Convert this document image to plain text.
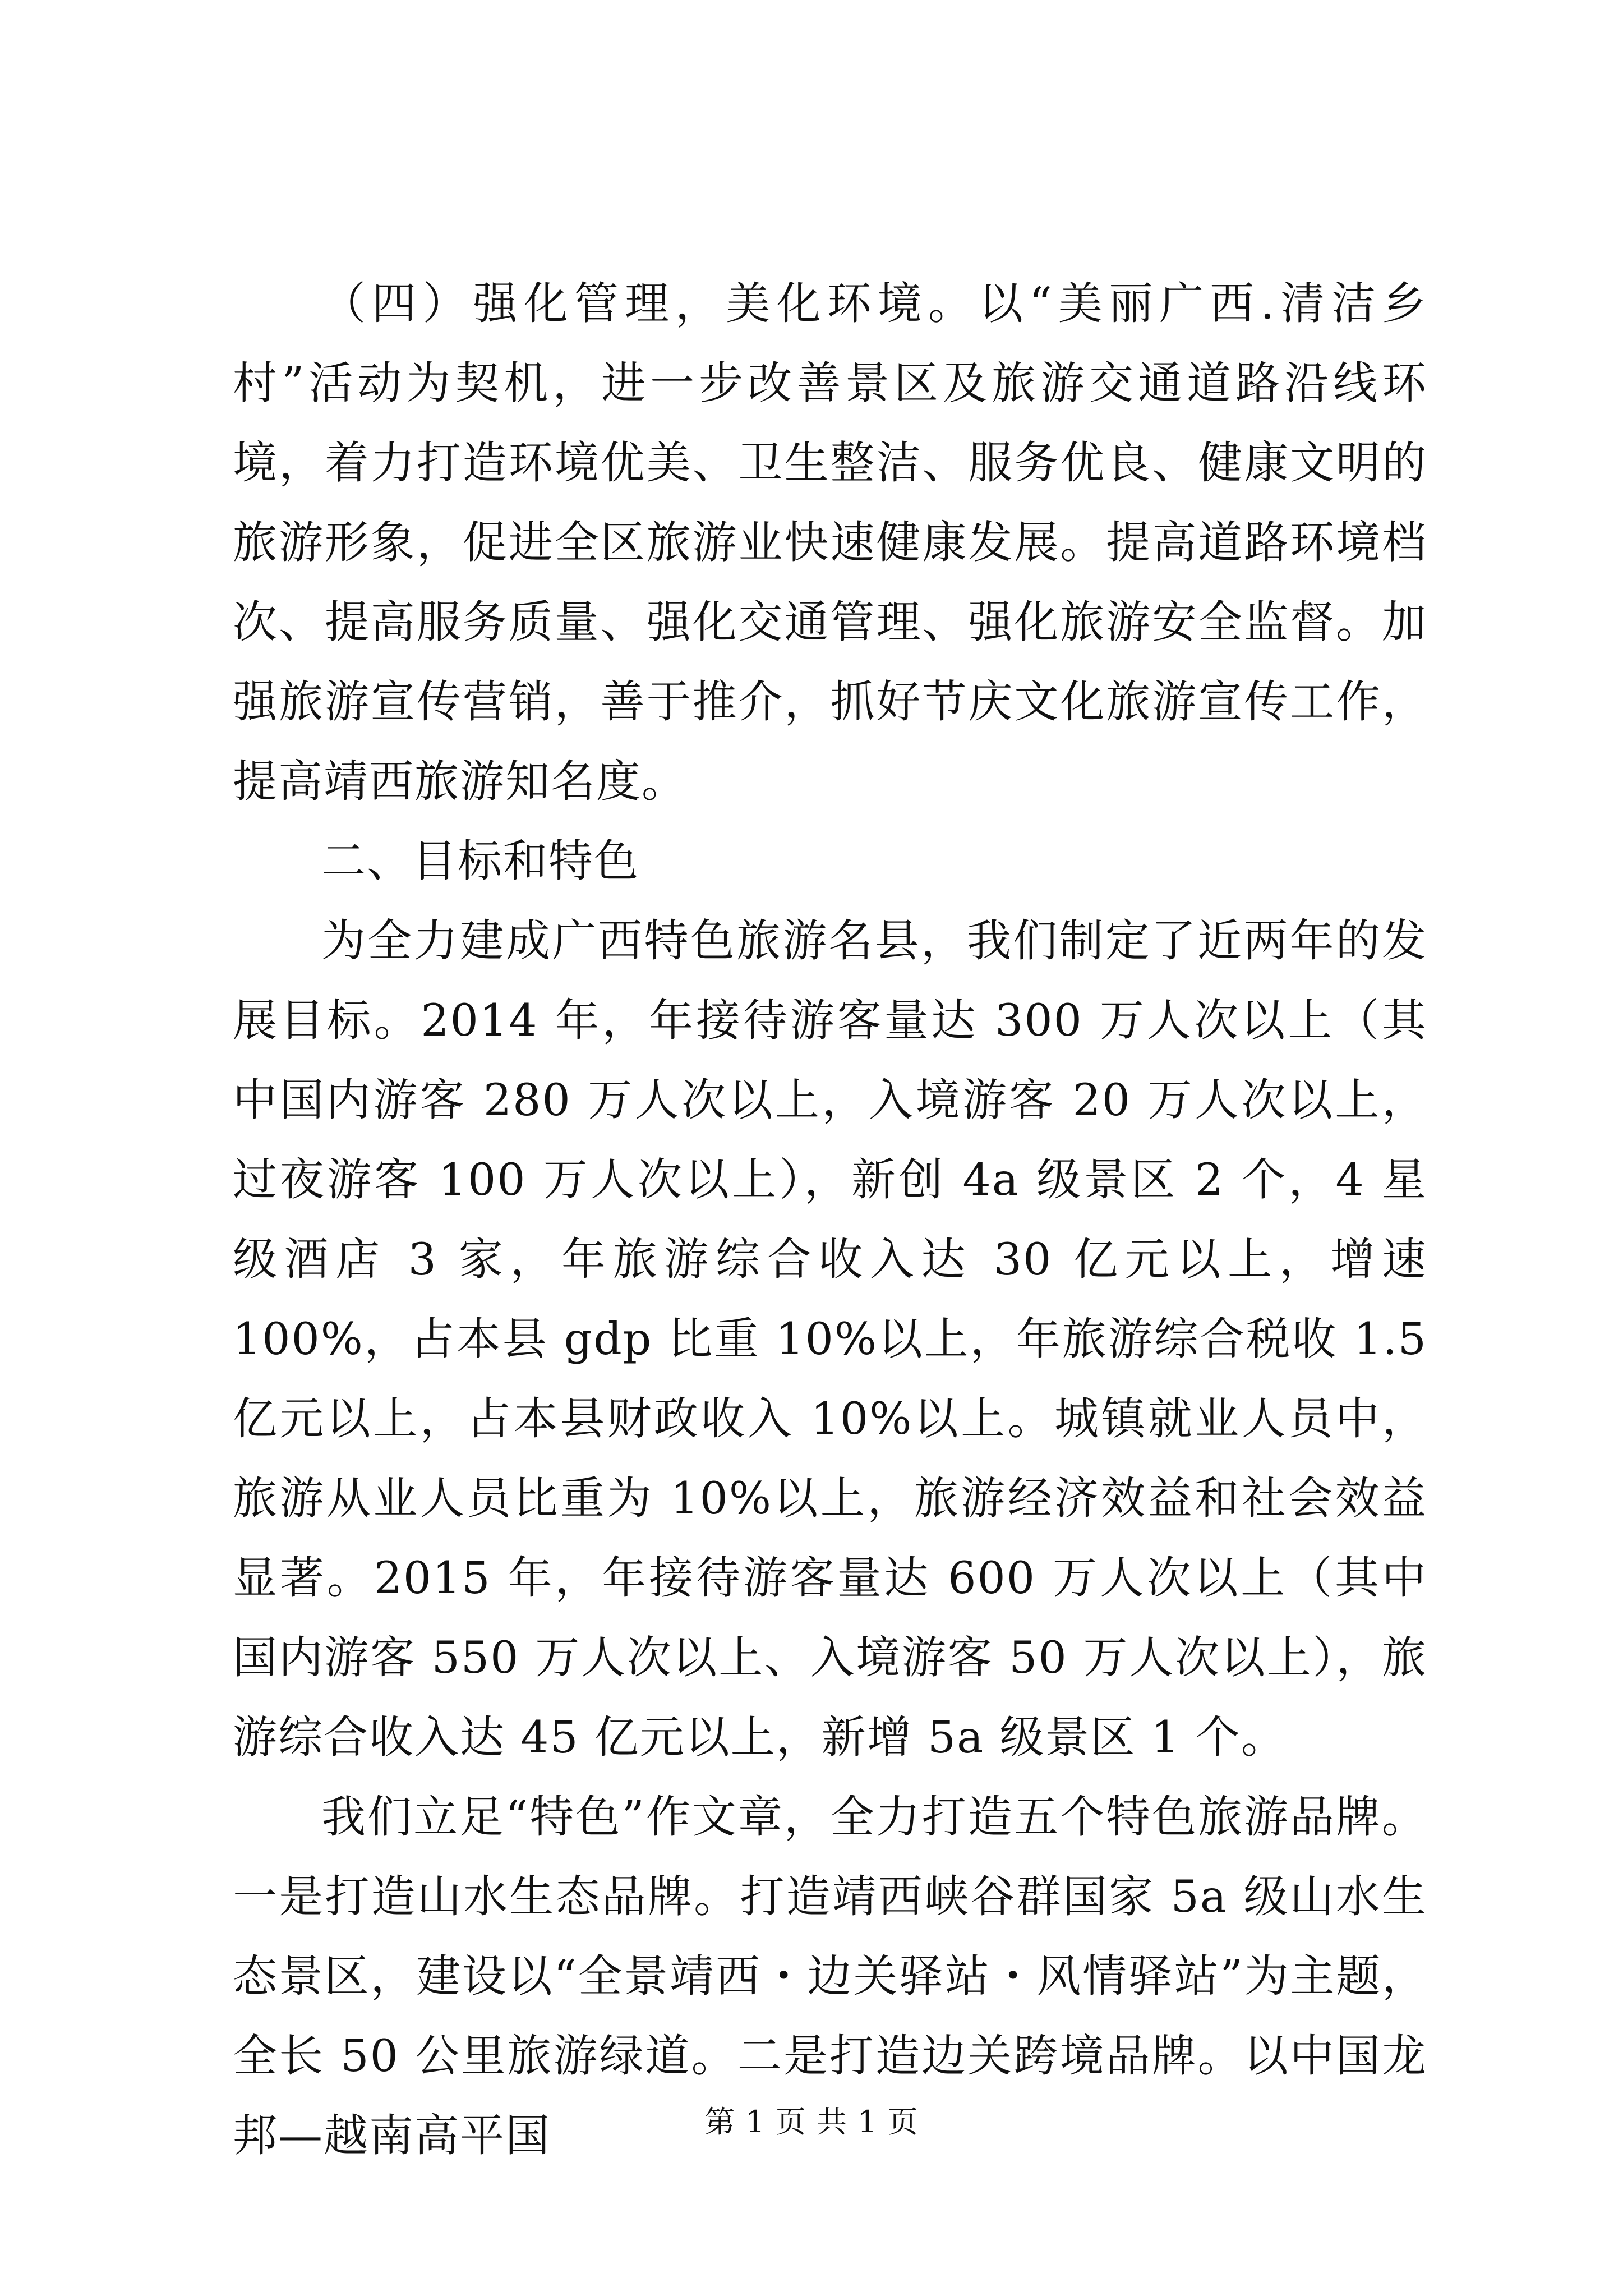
（四）强化管理，美化环境。以“美丽广西.清洁乡村”活动为契机，进一步改善景区及旅游交通道路沿线环境，着力打造环境优美、卫生整洁、服务优良、健康文明的旅游形象，促进全区旅游业快速健康发展。提高道路环境档次、提高服务质量、强化交通管理、强化旅游安全监督。加强旅游宣传营销，善于推介，抓好节庆文化旅游宣传工作，提高靖西旅游知名度。

二、目标和特色

为全力建成广西特色旅游名县，我们制定了近两年的发展目标。2014 年，年接待游客量达 300 万人次以上（其中国内游客 280 万人次以上，入境游客 20 万人次以上，过夜游客 100 万人次以上），新创 4a 级景区 2 个，4 星级酒店 3 家，年旅游综合收入达 30 亿元以上，增速 100%，占本县 gdp 比重 10%以上，年旅游综合税收 1.5 亿元以上，占本县财政收入 10%以上。城镇就业人员中，旅游从业人员比重为 10%以上，旅游经济效益和社会效益显著。2015 年，年接待游客量达 600 万人次以上（其中国内游客 550 万人次以上、入境游客 50 万人次以上），旅游综合收入达 45 亿元以上，新增 5a 级景区 1 个。

我们立足“特色”作文章，全力打造五个特色旅游品牌。一是打造山水生态品牌。打造靖西峡谷群国家 5a 级山水生态景区，建设以“全景靖西・边关驿站・风情驿站”为主题，全长 50 公里旅游绿道。二是打造边关跨境品牌。以中国龙邦—越南高平国	第 1 页 共 1 页
